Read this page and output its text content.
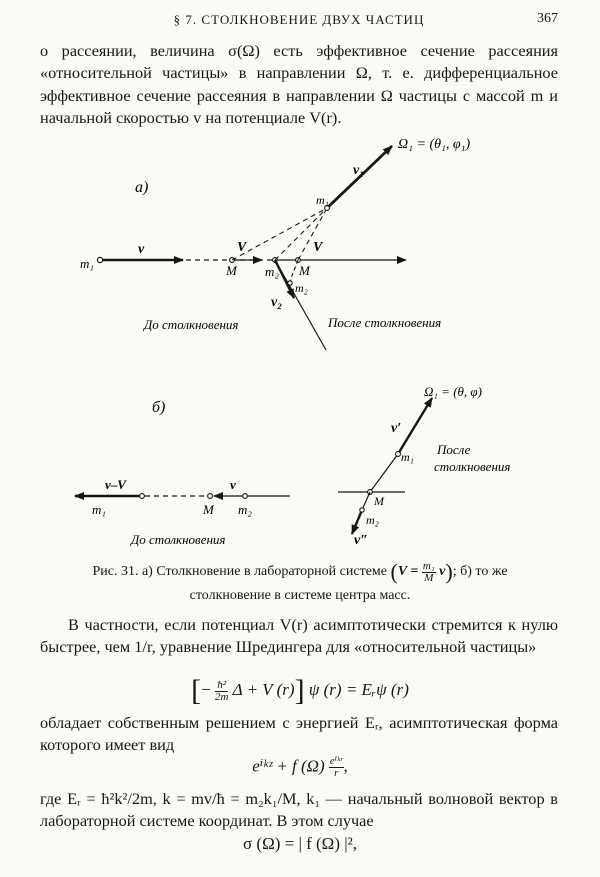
§ 7. СТОЛКНОВЕНИЕ ДВУХ ЧАСТИЦ	367
о рассеянии, величина σ(Ω) есть эффективное сечение рассеяния «относительной частицы» в направлении Ω, т. е. дифференциальное эффективное сечение рассеяния в направлении Ω частицы с массой m и начальной скоростью v на потенциале V(r).
а)
m₁
v	V
M m₂
V
M
m₁
v₁
Ω₁ = (θ₁, φ₁)
m₂
v₂
До столкновения	После столкновения
б)
v–V
m₁	M
v
m₂
До столкновения
m₁
v′
Ω₁ = (θ, φ)
M
m₂
v″
После
столкновения
Рис. 31. а) Столкновение в лабораторной системе $(V = \frac{\text{m₁}}{M} v)$; б) то же
столкновение в системе центра масс.
В частности, если потенциал V(r) асимптотически стремится к нулю быстрее, чем 1/r, уравнение Шредингера для «относительной частицы»
[− $\frac{\text{ħ²}}{2m}$ Δ + V (r)] ψ (r) = Eᵣψ (r)
обладает собственным решением с энергией Eᵣ, асимптотическая форма которого имеет вид
eⁱᵏᶻ + f $(\Omega) \frac{\text{eⁱᵏʳ}}{r}$ ,
где Eᵣ = ħ²k²/2m, k = mv/ħ = m₂k₁/M, k₁ — начальный волновой вектор в лабораторной системе координат. В этом случае
σ (Ω) = | f (Ω) |²,
